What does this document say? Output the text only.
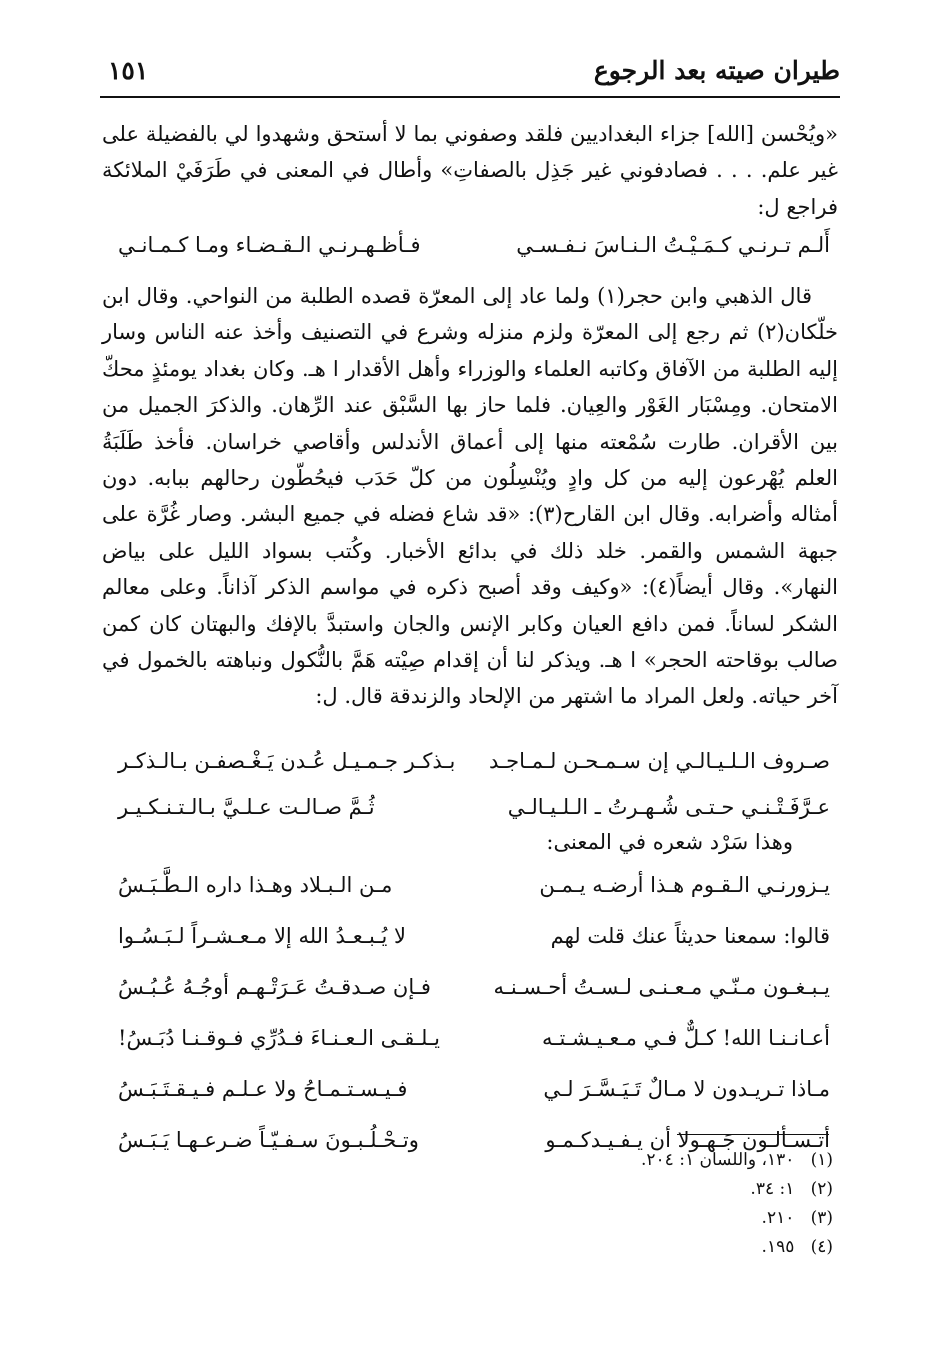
طيران صيته بعد الرجوع
١٥١

«ويُحْسن [الله] جزاء البغداديين فلقد وصفوني بما لا أستحق وشهدوا لي بالفضيلة على غير علم. . . . فصادفوني غير جَذِل بالصفاتِ» وأطال في المعنى في طَرَفَيْ الملائكة فراجع ل:

أَلـم تـرنـي كـمَـيْـتُ الـنـاسَ نـفـسـي
فـأظـهـرنـي الـقـضـاء ومـا كـمـانـي

قال الذهبي وابن حجر(١) ولما عاد إلى المعرّة قصده الطلبة من النواحي. وقال ابن خلّكان(٢) ثم رجع إلى المعرّة ولزم منزله وشرع في التصنيف وأخذ عنه الناس وسار إليه الطلبة من الآفاق وكاتبه العلماء والوزراء وأهل الأقدار ا هـ. وكان بغداد يومئذٍ محكّ الامتحان. ومِسْبَار الغَوْر والعِيان. فلما حاز بها السَّبْق عند الرِّهان. والذكرَ الجميل من بين الأقران. طارت سُمْعته منها إلى أعماق الأندلس وأقاصي خراسان. فأخذ طَلَبَةُ العلم يُهْرعون إليه من كل وادٍ ويُنْسِلُون من كلّ حَدَب فيحُطّون رحالهم ببابه. دون أمثاله وأضرابه. وقال ابن القارح(٣): «قد شاع فضله في جميع البشر. وصار غُرَّة على جبهة الشمس والقمر. خلد ذلك في بدائع الأخبار. وكُتب بسواد الليل على بياض النهار». وقال أيضاً(٤): «وكيف وقد أصبح ذكره في مواسم الذكر آذاناً. وعلى معالم الشكر لساناً. فمن دافع العيان وكابر الإنس والجان واستبدَّ بالإفك والبهتان كان كمن صالب بوقاحته الحجر» ا هـ. ويذكر لنا أن إقدام صِيْته هَمَّ بالنُّكول ونباهته بالخمول في آخر حياته. ولعل المراد ما اشتهر من الإلحاد والزندقة قال. ل:

صـروف الـلـيـالـي إن سـمـحـن لـمـاجـد
بـذكـر جـمـيـل عُـدن يَـغْـصفـن بـالـذكـر
عـرَّفَـتْـنـي حـتـى شُـهـرتُ ـ الـلـيـالـي
ثُـمَّ صـالـت عـلـيَّ بـالـتـنـكـيـر
وهذا سَرْد شعره في المعنى:
يـزورنـي الـقـوم هـذا أرضـه يـمـن
مـن الـبـلاد وهـذا داره الـطَّـبَـسُ
قالوا: سمعنا حديثاً عنك قلت لهم
لا يُـبـعـدُ الله إلا مـعـشـراً لـبَـسُـوا
يـبـغـون مـنّـي مـعـنـى لـسـتُ أحـسـنـه
فـإن صـدقـتُ عَـرَتْـهـم أوجُـهُ عُـبُـسُ
أعـانـنـا الله! كـلٌّ فـي مـعـيـشـتـه
يـلـقـى الـعـنـاءَ فـدُرِّي فـوقـنـا دُبَـسُ!
مـاذا تـريـدون لا مـالٌ تَـيَـسَّـرَ لـي
فـيـسـتـمـاحُ ولا عـلـم فـيـقـتَـبَـسُ
أتـسـألـون جَـهـولا أن يـفـيـدكـمـو
وتـحْـلُـبـونَ سـفـيّـاً ضـرعـهـا يَـبَـسُ
(١)   ١٣٠، واللسان ١: ٢٠٤.
(٢)   ١: ٣٤.
(٣)   ٢١٠.
(٤)   ١٩٥.
